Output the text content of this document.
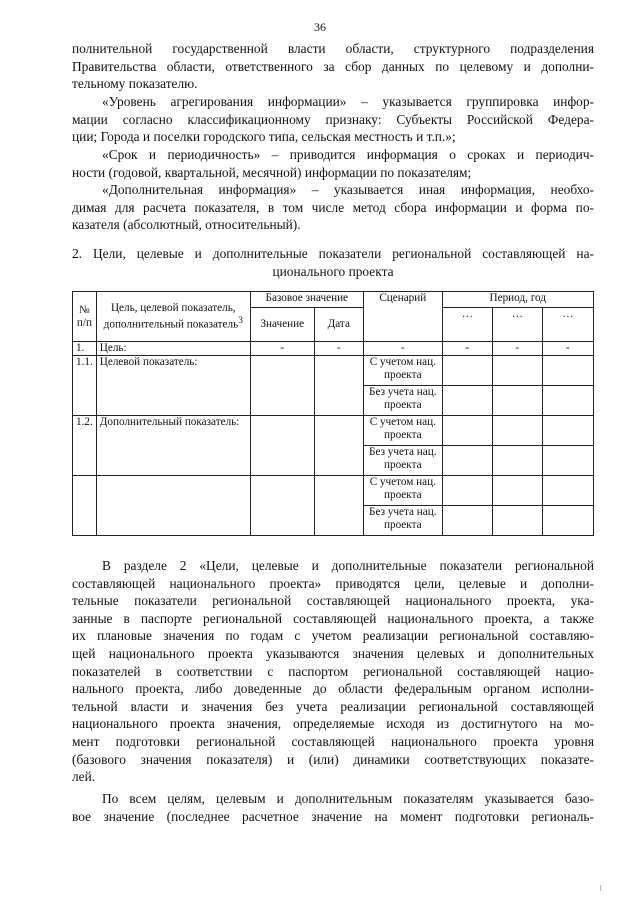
36

полнительной государственной власти области, структурного подразделения
Правительства области, ответственного за сбор данных по целевому и дополни-
тельному показателю.

«Уровень агрегирования информации» – указывается группировка инфор-
мации согласно классификационному признаку: Субъекты Российской Федера-
ции; Города и поселки городского типа, сельская местность и т.п.»;

«Срок и периодичность» – приводится информация о сроках и периодич-
ности (годовой, квартальной, месячной) информации по показателям;

«Дополнительная информация» – указывается иная информация, необхо-
димая для расчета показателя, в том числе метод сбора информации и форма по-
казателя (абсолютный, относительный).

2. Цели, целевые и дополнительные показатели региональной составляющей на-
ционального проекта

№ п/п	Цель, целевой показатель, дополнительный показатель$^3$	Базовое значение		Сценарий	Период, год		
		Значение	Дата		…	…	…
1.	Цель:	-	-	-	-	-	-
1.1.	Целевой показатель:			С учетом нац. проекта			
				Без учета нац. проекта			
1.2.	Дополнительный показатель:			С учетом нац. проекта			
				Без учета нац. проекта			
				С учетом нац. проекта			
				Без учета нац. проекта			

В разделе 2 «Цели, целевые и дополнительные показатели региональной
составляющей национального проекта» приводятся цели, целевые и дополни-
тельные показатели региональной составляющей национального проекта, ука-
занные в паспорте региональной составляющей национального проекта, а также
их плановые значения по годам с учетом реализации региональной составляю-
щей национального проекта указываются значения целевых и дополнительных
показателей в соответствии с паспортом региональной составляющей нацио-
нального проекта, либо доведенные до области федеральным органом исполни-
тельной власти и значения без учета реализации региональной составляющей
национального проекта значения, определяемые исходя из достигнутого на мо-
мент подготовки региональной составляющей национального проекта уровня
(базового значения показателя) и (или) динамики соответствующих показате-
лей.

По всем целям, целевым и дополнительным показателям указывается базо-
вое значение (последнее расчетное значение на момент подготовки региональ-
